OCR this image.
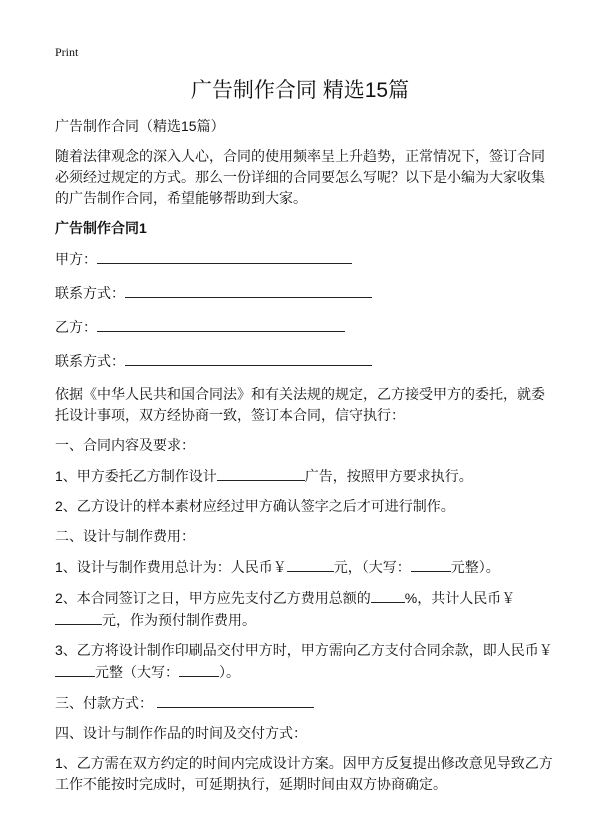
Print
广告制作合同 精选15篇
广告制作合同（精选15篇）
随着法律观念的深入人心，合同的使用频率呈上升趋势，正常情况下，签订合同必须经过规定的方式。那么一份详细的合同要怎么写呢？以下是小编为大家收集的广告制作合同，希望能够帮助到大家。
广告制作合同1
甲方：
联系方式：
乙方：
联系方式：
依据《中华人民共和国合同法》和有关法规的规定，乙方接受甲方的委托，就委托设计事项，双方经协商一致，签订本合同，信守执行：
一、合同内容及要求：
1、甲方委托乙方制作设计	广告，按照甲方要求执行。
2、乙方设计的样本素材应经过甲方确认签字之后才可进行制作。
二、设计与制作费用：
1、设计与制作费用总计为：人民币￥	元，（大写：	元整）。
2、本合同签订之日，甲方应先支付乙方费用总额的 %，共计人民币￥
元，作为预付制作费用。
3、乙方将设计制作印刷品交付甲方时，甲方需向乙方支付合同余款，即人民币￥
元整（大写：	）。
三、付款方式：
四、设计与制作作品的时间及交付方式：
1、乙方需在双方约定的时间内完成设计方案。因甲方反复提出修改意见导致乙方工作不能按时完成时，可延期执行，延期时间由双方协商确定。
